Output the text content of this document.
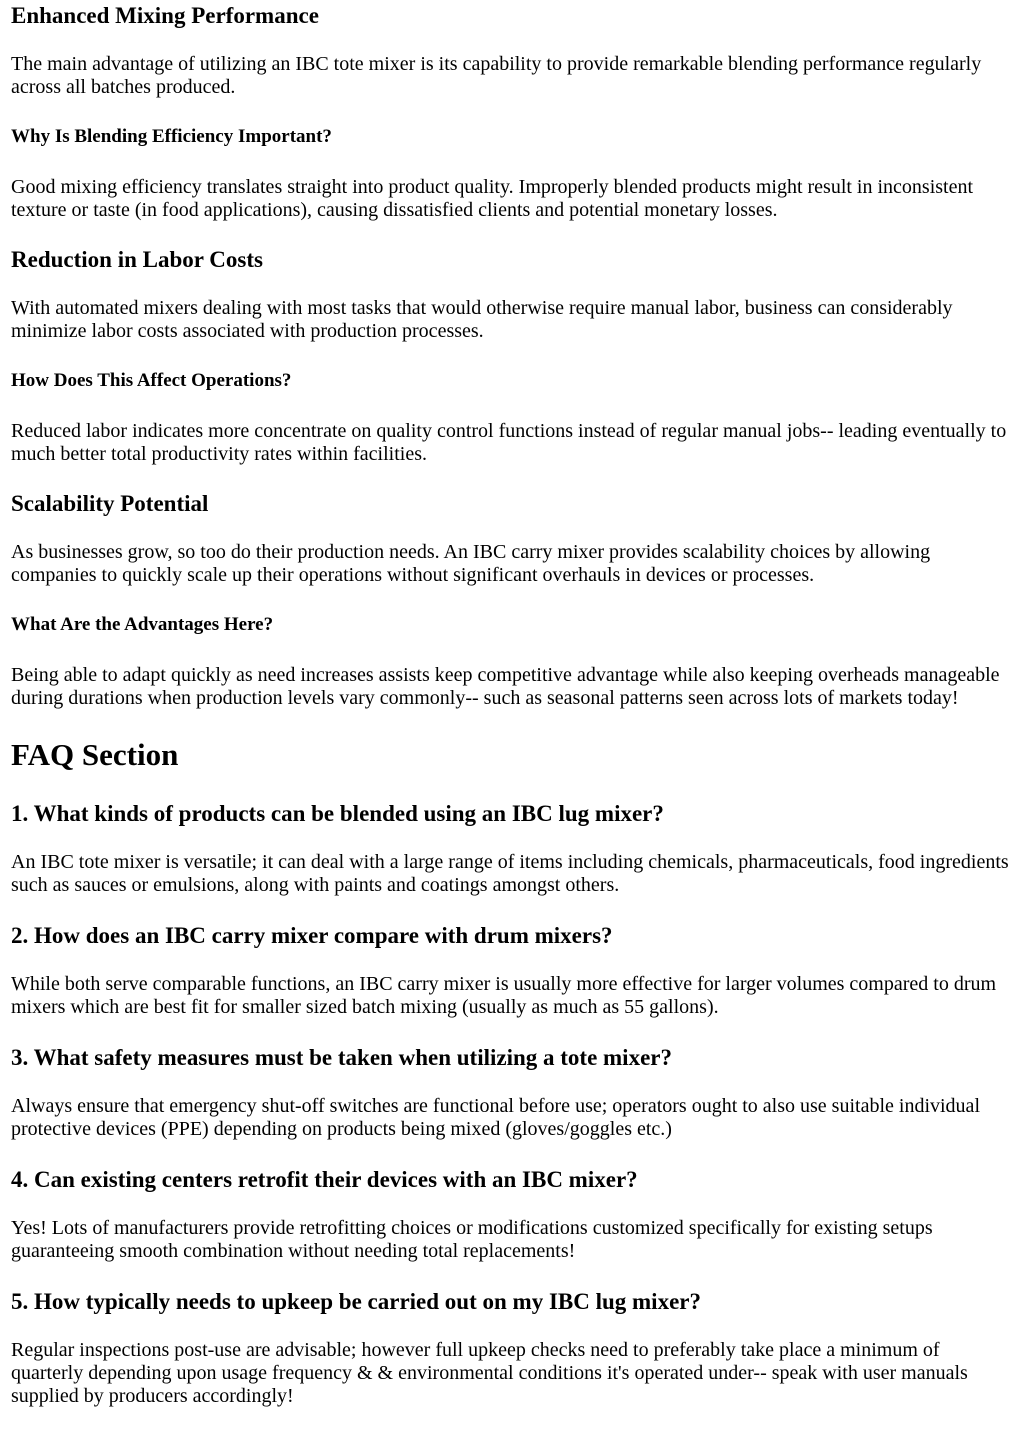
Enhanced Mixing Performance

The main advantage of utilizing an IBC tote mixer is its capability to provide remarkable blending performance regularly across all batches produced.

Why Is Blending Efficiency Important?

Good mixing efficiency translates straight into product quality. Improperly blended products might result in inconsistent texture or taste (in food applications), causing dissatisfied clients and potential monetary losses.

Reduction in Labor Costs

With automated mixers dealing with most tasks that would otherwise require manual labor, business can considerably minimize labor costs associated with production processes.

How Does This Affect Operations?

Reduced labor indicates more concentrate on quality control functions instead of regular manual jobs-- leading eventually to much better total productivity rates within facilities.

Scalability Potential

As businesses grow, so too do their production needs. An IBC carry mixer provides scalability choices by allowing companies to quickly scale up their operations without significant overhauls in devices or processes.

What Are the Advantages Here?

Being able to adapt quickly as need increases assists keep competitive advantage while also keeping overheads manageable during durations when production levels vary commonly-- such as seasonal patterns seen across lots of markets today!

FAQ Section
1. What kinds of products can be blended using an IBC lug mixer?

An IBC tote mixer is versatile; it can deal with a large range of items including chemicals, pharmaceuticals, food ingredients such as sauces or emulsions, along with paints and coatings amongst others.

2. How does an IBC carry mixer compare with drum mixers?

While both serve comparable functions, an IBC carry mixer is usually more effective for larger volumes compared to drum mixers which are best fit for smaller sized batch mixing (usually as much as 55 gallons).

3. What safety measures must be taken when utilizing a tote mixer?

Always ensure that emergency shut-off switches are functional before use; operators ought to also use suitable individual protective devices (PPE) depending on products being mixed (gloves/goggles etc.)

4. Can existing centers retrofit their devices with an IBC mixer?

Yes! Lots of manufacturers provide retrofitting choices or modifications customized specifically for existing setups guaranteeing smooth combination without needing total replacements!

5. How typically needs to upkeep be carried out on my IBC lug mixer?

Regular inspections post-use are advisable; however full upkeep checks need to preferably take place a minimum of quarterly depending upon usage frequency & & environmental conditions it's operated under-- speak with user manuals supplied by producers accordingly!
